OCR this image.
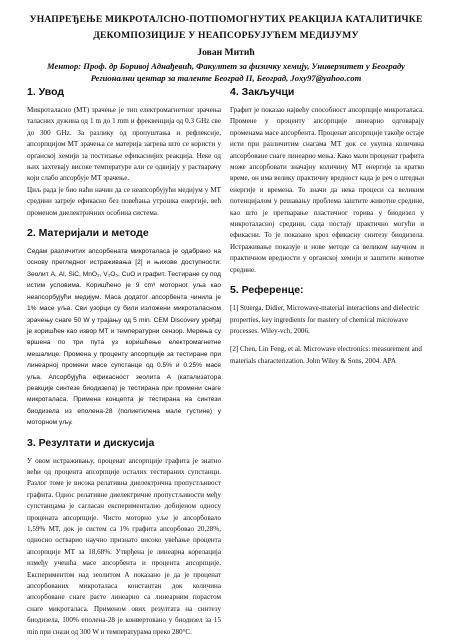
УНАПРЕЂЕЊЕ МИКРОТАЛСНО-ПОТПОМОГНУТИХ РЕАКЦИЈА КАТАЛИТИЧКЕ
ДЕКОМПОЗИЦИЈЕ У НЕАПСОРБУЈУЋЕМ МЕДИЈУМУ
Јован Митић
Ментор: Проф. др Боривој Аднађевић, Факултет за физичку хемију, Универзитет у Београду
Регионални центар за таленте Београд II, Београд, Joxy97@yahoo.com
1. Увод

Микроталасно (МТ) зрачење је тип електромагнетног зрачења таласних дужина од 1 m до 1 mm и фреквенција од 0.3 GHz све до 300 GHz. За разлику од пропуштања и рефлексије, апсорпцијом МТ зрачења се материја загрева што се користи у органској хемији за постизање ефикаснијих реакција. Неке од њих захтевају високе температуре али се одвијају у растварачу који слабо апсорбује МТ зрачење.

Циљ рада је био наћи начин да се неапсорбујући медијум у МТ средини загреје ефикасно без повећања утрошка енергије, већ променом диелектричних особина система.

2. Материјали и методе

Седам различитих апсорбената микроталаса је одабрано на основу прегледног истраживања [2] и њихове доступности: Зеолит А, Al, SiC, MnO₂, V₂O₅, CuO и графит. Тестиране су под истим условима. Коришћено је 9 cm³ моторног уља као неапсорбујући медијум. Маса додатог апсорбента чинила је 1% масе уља. Сви узорци су били изложени микроталасном зрачењу снаге 50 W у трајању од 5 min. CEM Discovery уређај је коришћен као извор МТ и температурни сензор. Мерења су вршена по три пута уз коришћење електромагнетне мешалице. Промена у проценту апсорпције за тестиране при линеарној промени масе супстанце од 0.5% и 0.25% масе уља. Апсорбујућа ефикасност зеолита А (катализатора реакције синтезе биодизела) је тестирана при промени снаге микроталаса. Примена концепта је тестирана на синтези биодизела из еполена-28 (полиетилена мале густине) у моторном уљу.

3. Резултати и дискусија

У овом истраживању, проценат апсорпције графита је знатно већи од процента апсорпције осталих тестираних супстанци. Разлог томе је висока релативна диелектрична пропустљивост графита. Однос релативне диелектричне пропустљивости међу супстанцама је сагласан експериментално добијеном односу процената апсорпције. Чисто моторно уље је апсорбовало 1,59% МТ, док је систем са 1% графита апсорбовао 20,28%, односно остварио научно признато високо увећање процента апсорпције МТ за 18,68%. Утврђена је линеарна корелација између учешћа масе апсорбента и процента апсорпције. Експериментом над зеолитом А показано је да је проценат апсорбованих микроталаса константан док количина апсорбоване снаге расте линеарно са линеарним порастом снаге микроталаса. Применом ових резултата на синтезу биодизела, 100% еполена-28 је конвертовано у биодизел за 15 min при снази од 300 W и температурама преко 280°C.

4. Закључци

Графит је показао највећу способност апсорпције микроталаса. Промене у проценту апсорпције линеарно одговарају променама масе апсорбента. Проценат апсорпције такође остаје исти при различитим снагама МТ док се укупна количина апсорбоване снаге линеарно мења. Како мали проценат графита може апсорбовати значајну количину МТ енергије за кратко време, он има велику практичну вредност када је реч о штедњи енергије и времена. То значи да нека процеси са великим потенцијалом у решавању проблема заштите животне средине, као што је претварање пластичног горива у биодизел у микроталасној средини, сада постају практично могући и ефикасни. То је показано кроз ефикасну синтезу биодизела. Истраживање показује и нове методе са великом научном и практичном вредности у органској хемији и заштити животне средине.

5. Референце:

[1] Stuerga, Didier, Microwave-material interactions and dielectric properties, key ingredients for mastery of chemical microwave processes. Wiley-vch, 2006.

[2] Chen, Lin Feng, et al. Microwave electronics: measurement and materials characterization. John Wiley & Sons, 2004. APA
